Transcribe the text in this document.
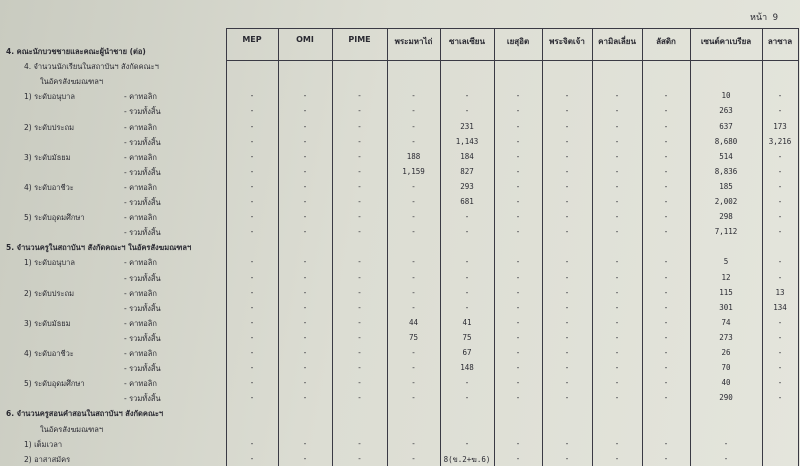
หน้า 9
MEP	OMI	PIME	พระมหาไถ่	ซาเลเซียน	เยสุอิต	พระจิตเจ้า	คามิลเลี่ยน	ลัสดิก	เซนต์คาเบรียล	ลาซาล
4. คณะนักบวชชายและคณะผู้นำชาย (ต่อ)
4. จำนวนนักเรียนในสถาบันฯ สังกัดคณะฯ
ในอัครสังฆมณฑลฯ
1) ระดับอนุบาล	- คาทอลิก	-	-	-	-	-	-	-	-	-	10	-
- รวมทั้งสิ้น	-	-	-	-	-	-	-	-	-	263	-
2) ระดับประถม	- คาทอลิก	-	-	-	-	231	-	-	-	-	637	173
- รวมทั้งสิ้น	-	-	-	-	1,143	-	-	-	-	8,680	3,216
3) ระดับมัธยม	- คาทอลิก	-	-	-	188	184	-	-	-	-	514	-
- รวมทั้งสิ้น	-	-	-	1,159	827	-	-	-	-	8,836	-
4) ระดับอาชีวะ	- คาทอลิก	-	-	-	-	293	-	-	-	-	185	-
- รวมทั้งสิ้น	-	-	-	-	681	-	-	-	-	2,002	-
5) ระดับอุดมศึกษา	- คาทอลิก	-	-	-	-	-	-	-	-	-	298	-
- รวมทั้งสิ้น	-	-	-	-	-	-	-	-	-	7,112	-
5. จำนวนครูในสถาบันฯ สังกัดคณะฯ ในอัครสังฆมณฑลฯ
1) ระดับอนุบาล	- คาทอลิก	-	-	-	-	-	-	-	-	-	5	-
- รวมทั้งสิ้น	-	-	-	-	-	-	-	-	-	12	-
2) ระดับประถม	- คาทอลิก	-	-	-	-	-	-	-	-	-	115	13
- รวมทั้งสิ้น	-	-	-	-	-	-	-	-	-	301	134
3) ระดับมัธยม	- คาทอลิก	-	-	-	44	41	-	-	-	-	74	-
- รวมทั้งสิ้น	-	-	-	75	75	-	-	-	-	273	-
4) ระดับอาชีวะ	- คาทอลิก	-	-	-	-	67	-	-	-	-	26	-
- รวมทั้งสิ้น	-	-	-	-	148	-	-	-	-	70	-
5) ระดับอุดมศึกษา	- คาทอลิก	-	-	-	-	-	-	-	-	-	40	-
- รวมทั้งสิ้น	-	-	-	-	-	-	-	-	-	290	-
6. จำนวนครูสอนคำสอนในสถาบันฯ สังกัดคณะฯ
ในอัครสังฆมณฑลฯ
1) เต็มเวลา	-	-	-	-	-	-	-	-	-	-
2) อาสาสมัคร	-	-	-	-	8(ข.2+ฆ.6)	-	-	-	-	-
